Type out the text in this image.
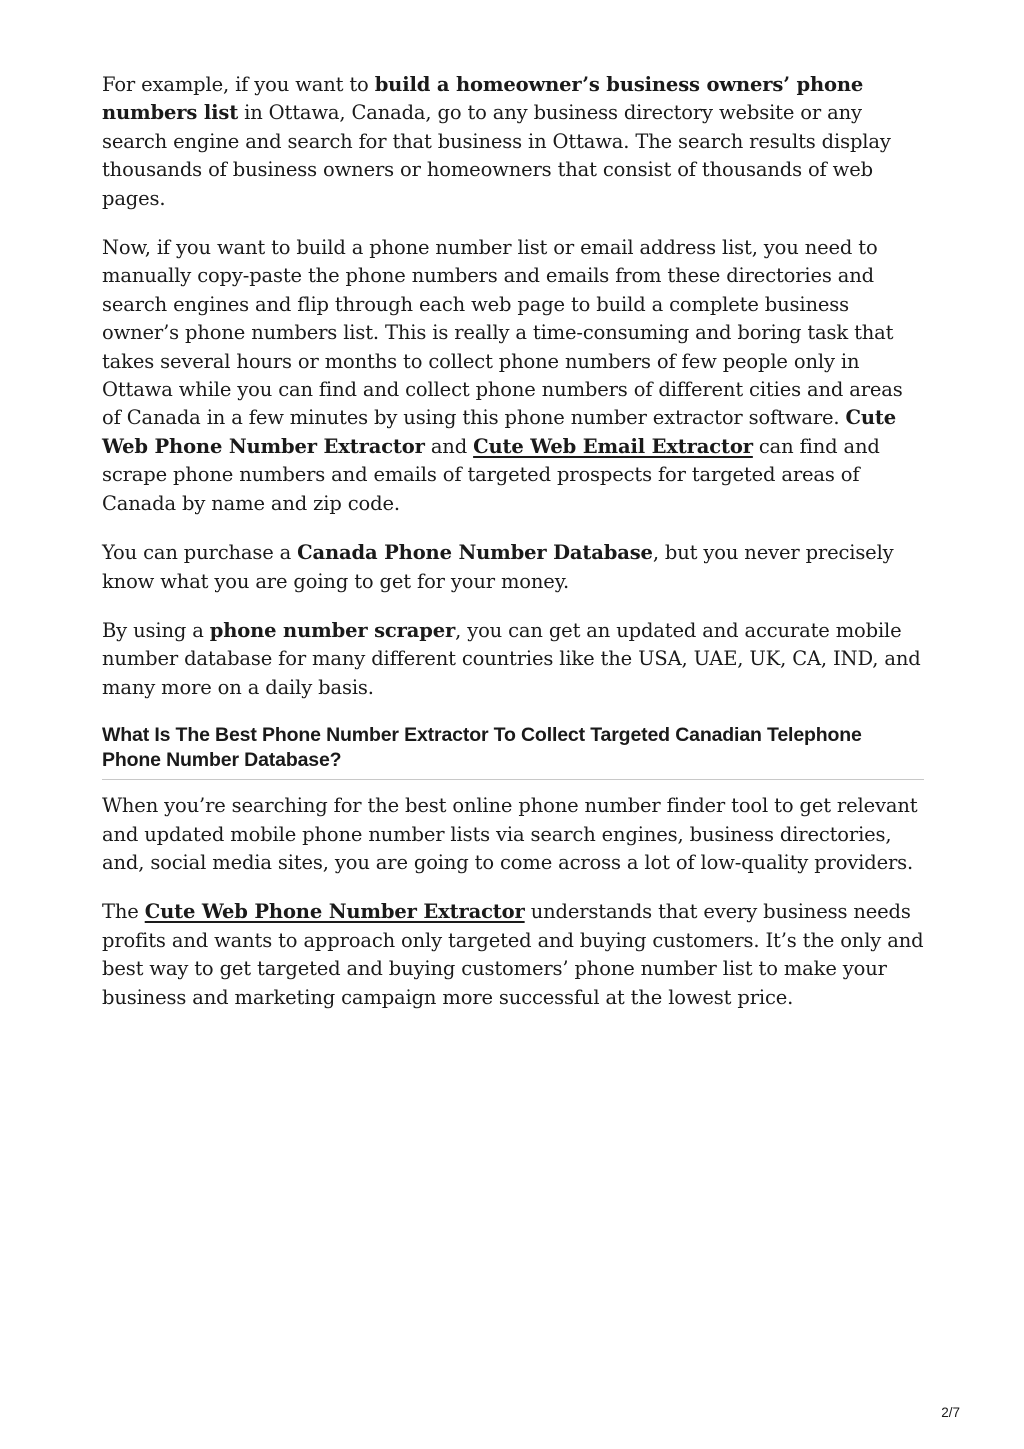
For example, if you want to build a homeowner’s business owners’ phone numbers list in Ottawa, Canada, go to any business directory website or any search engine and search for that business in Ottawa. The search results display thousands of business owners or homeowners that consist of thousands of web pages.

Now, if you want to build a phone number list or email address list, you need to manually copy-paste the phone numbers and emails from these directories and search engines and flip through each web page to build a complete business owner’s phone numbers list. This is really a time-consuming and boring task that takes several hours or months to collect phone numbers of few people only in Ottawa while you can find and collect phone numbers of different cities and areas of Canada in a few minutes by using this phone number extractor software. Cute Web Phone Number Extractor and Cute Web Email Extractor can find and scrape phone numbers and emails of targeted prospects for targeted areas of Canada by name and zip code.

You can purchase a Canada Phone Number Database, but you never precisely know what you are going to get for your money.

By using a phone number scraper, you can get an updated and accurate mobile number database for many different countries like the USA, UAE, UK, CA, IND, and many more on a daily basis.

What Is The Best Phone Number Extractor To Collect Targeted Canadian Telephone Phone Number Database?

When you’re searching for the best online phone number finder tool to get relevant and updated mobile phone number lists via search engines, business directories, and, social media sites, you are going to come across a lot of low-quality providers.

The Cute Web Phone Number Extractor understands that every business needs profits and wants to approach only targeted and buying customers. It’s the only and best way to get targeted and buying customers’ phone number list to make your business and marketing campaign more successful at the lowest price.

2/7
